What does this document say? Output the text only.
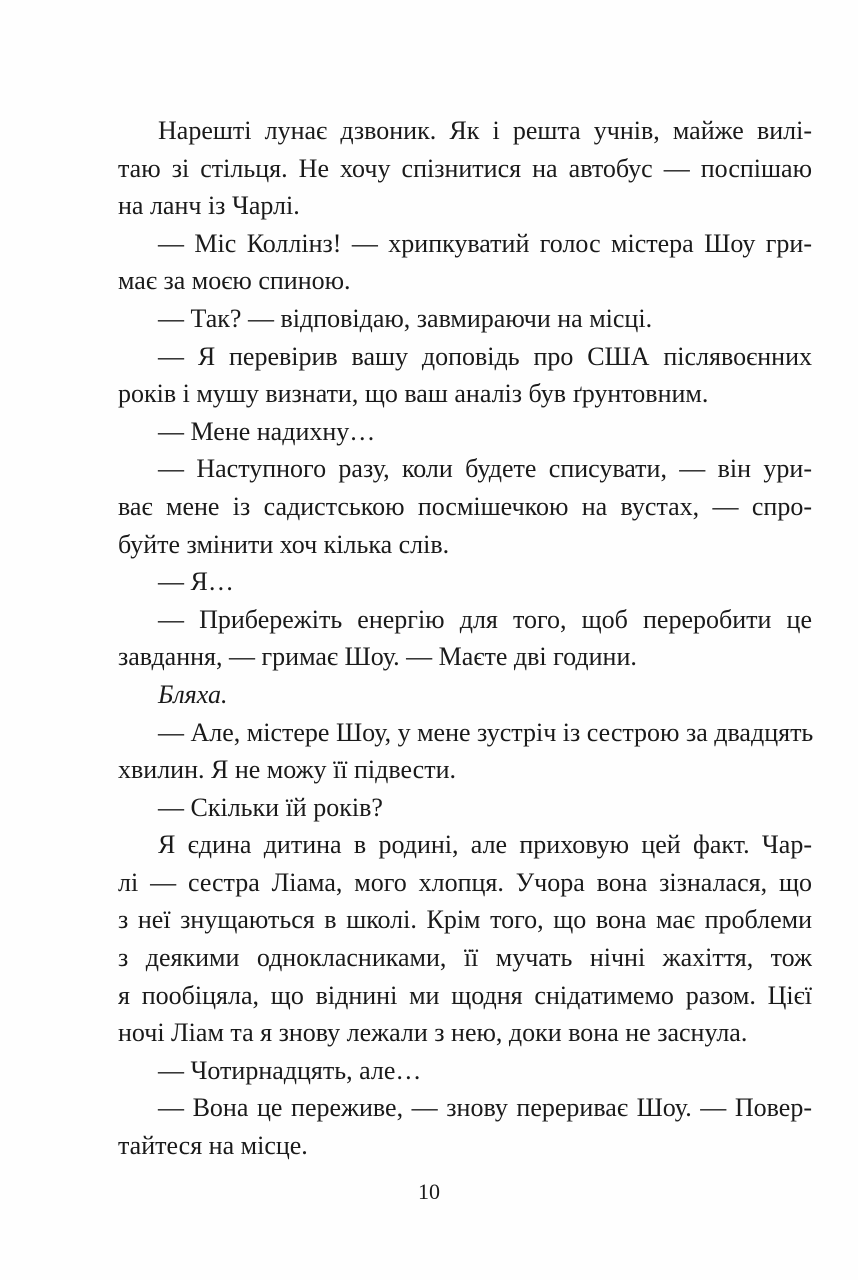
Нарешті лунає дзвоник. Як і решта учнів, майже вилі-
таю зі стільця. Не хочу спізнитися на автобус — поспішаю
на ланч із Чарлі.
— Міс Коллінз! — хрипкуватий голос містера Шоу гри-
має за моєю спиною.
— Так? — відповідаю, завмираючи на місці.
— Я перевірив вашу доповідь про США післявоєнних
років і мушу визнати, що ваш аналіз був ґрунтовним.
— Мене надихну…
— Наступного разу, коли будете списувати, — він ури-
ває мене із садистською посмішечкою на вустах, — спро-
буйте змінити хоч кілька слів.
— Я…
— Прибережіть енергію для того, щоб переробити це
завдання, — гримає Шоу. — Маєте дві години.
Бляха.
— Але, містере Шоу, у мене зустріч із сестрою за двадцять
хвилин. Я не можу її підвести.
— Скільки їй років?
Я єдина дитина в родині, але приховую цей факт. Чар-
лі — сестра Ліама, мого хлопця. Учора вона зізналася, що
з неї знущаються в школі. Крім того, що вона має проблеми
з деякими однокласниками, її мучать нічні жахіття, тож
я пообіцяла, що віднині ми щодня снідатимемо разом. Цієї
ночі Ліам та я знову лежали з нею, доки вона не заснула.
— Чотирнадцять, але…
— Вона це переживе, — знову перериває Шоу. — Повер-
тайтеся на місце.
10
